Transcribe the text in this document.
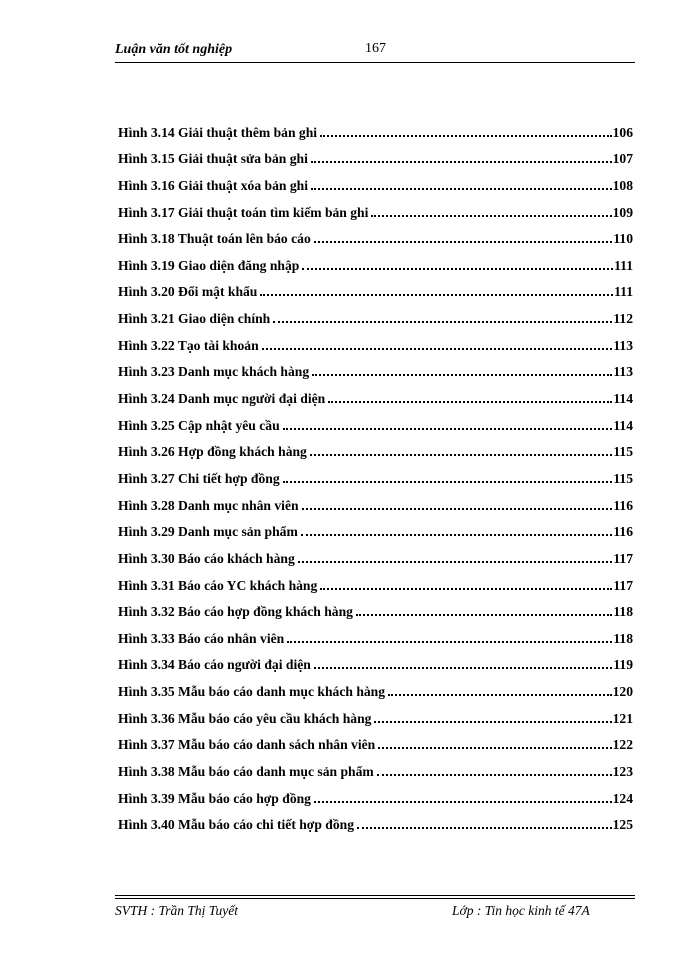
Luận văn tốt nghiệp	167
Hình 3.14 Giải thuật thêm bản ghi	106
Hình 3.15 Giải thuật sửa bản ghi	107
Hình 3.16 Giải thuật xóa bản ghi	108
Hình 3.17 Giải thuật toán tìm kiếm bản ghi	109
Hình 3.18 Thuật toán lên báo cáo	110
Hình 3.19 Giao diện đăng nhập	111
Hình 3.20 Đổi mật khẩu	111
Hình 3.21 Giao diện chính	112
Hình 3.22 Tạo tài khoản	113
Hình 3.23 Danh mục khách hàng	113
Hình 3.24 Danh mục người đại diện	114
Hình 3.25 Cập nhật yêu cầu	114
Hình 3.26 Hợp đồng khách hàng	115
Hình 3.27 Chi tiết hợp đồng	115
Hình 3.28 Danh mục nhân viên	116
Hình 3.29 Danh mục sản phẩm	116
Hình 3.30 Báo cáo khách hàng	117
Hình 3.31 Báo cáo YC khách hàng	117
Hình 3.32 Báo cáo hợp đồng khách hàng	118
Hình 3.33 Báo cáo nhân viên	118
Hình 3.34 Báo cáo người đại diện	119
Hình 3.35 Mẫu báo cáo danh mục khách hàng	120
Hình 3.36 Mẫu báo cáo yêu cầu khách hàng	121
Hình 3.37 Mẫu báo cáo danh sách nhân viên	122
Hình 3.38 Mẫu báo cáo danh mục sản phẩm	123
Hình 3.39 Mẫu báo cáo hợp đồng	124
Hình 3.40 Mẫu báo cáo chi tiết hợp đồng	125
SVTH : Trần Thị Tuyết	Lớp : Tin học kinh tế 47A
